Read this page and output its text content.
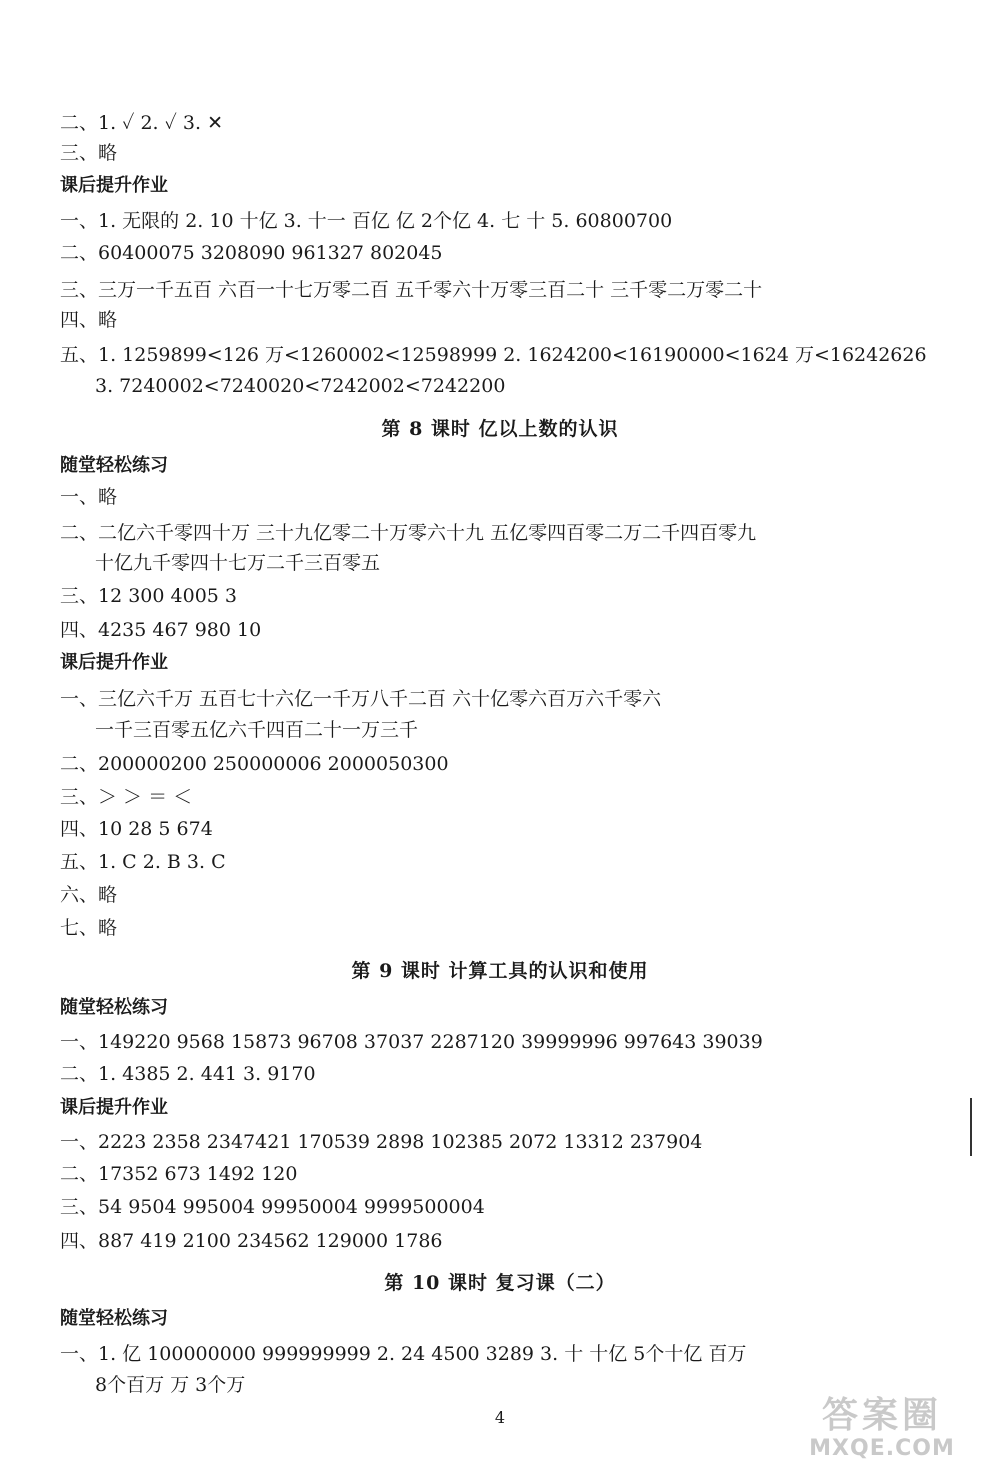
二、1. ✓ 2. ✓ 3. ✕
三、略
课后提升作业
一、1. 无限的 2. 10 十亿 3. 十一 百亿 亿 2个亿 4. 七 十 5. 60800700
二、60400075 3208090 961327 802045
三、三万一千五百 六百一十七万零二百 五千零六十万零三百二十 三千零二万零二十
四、略
五、1. 1259899<126 万<1260002<12598999 2. 1624200<16190000<1624 万<16242626
3. 7240002<7240020<7242002<7242200
第 8 课时 亿以上数的认识
随堂轻松练习
一、略
二、二亿六千零四十万 三十九亿零二十万零六十九 五亿零四百零二万二千四百零九
十亿九千零四十七万二千三百零五
三、12 300 4005 3
四、4235 467 980 10
课后提升作业
一、三亿六千万 五百七十六亿一千万八千二百 六十亿零六百万六千零六
一千三百零五亿六千四百二十一万三千
二、200000200 250000006 2000050300
三、＞ ＞ ＝ ＜
四、10 28 5 674
五、1. C 2. B 3. C
六、略
七、略
第 9 课时 计算工具的认识和使用
随堂轻松练习
一、149220 9568 15873 96708 37037 2287120 39999996 997643 39039
二、1. 4385 2. 441 3. 9170
课后提升作业
一、2223 2358 2347421 170539 2898 102385 2072 13312 237904
二、17352 673 1492 120
三、54 9504 995004 99950004 9999500004
四、887 419 2100 234562 129000 1786
第 10 课时 复习课（二）
随堂轻松练习
一、1. 亿 100000000 999999999 2. 24 4500 3289 3. 十 十亿 5个十亿 百万
8个百万 万 3个万
4	答案圈
MXQE.COM
